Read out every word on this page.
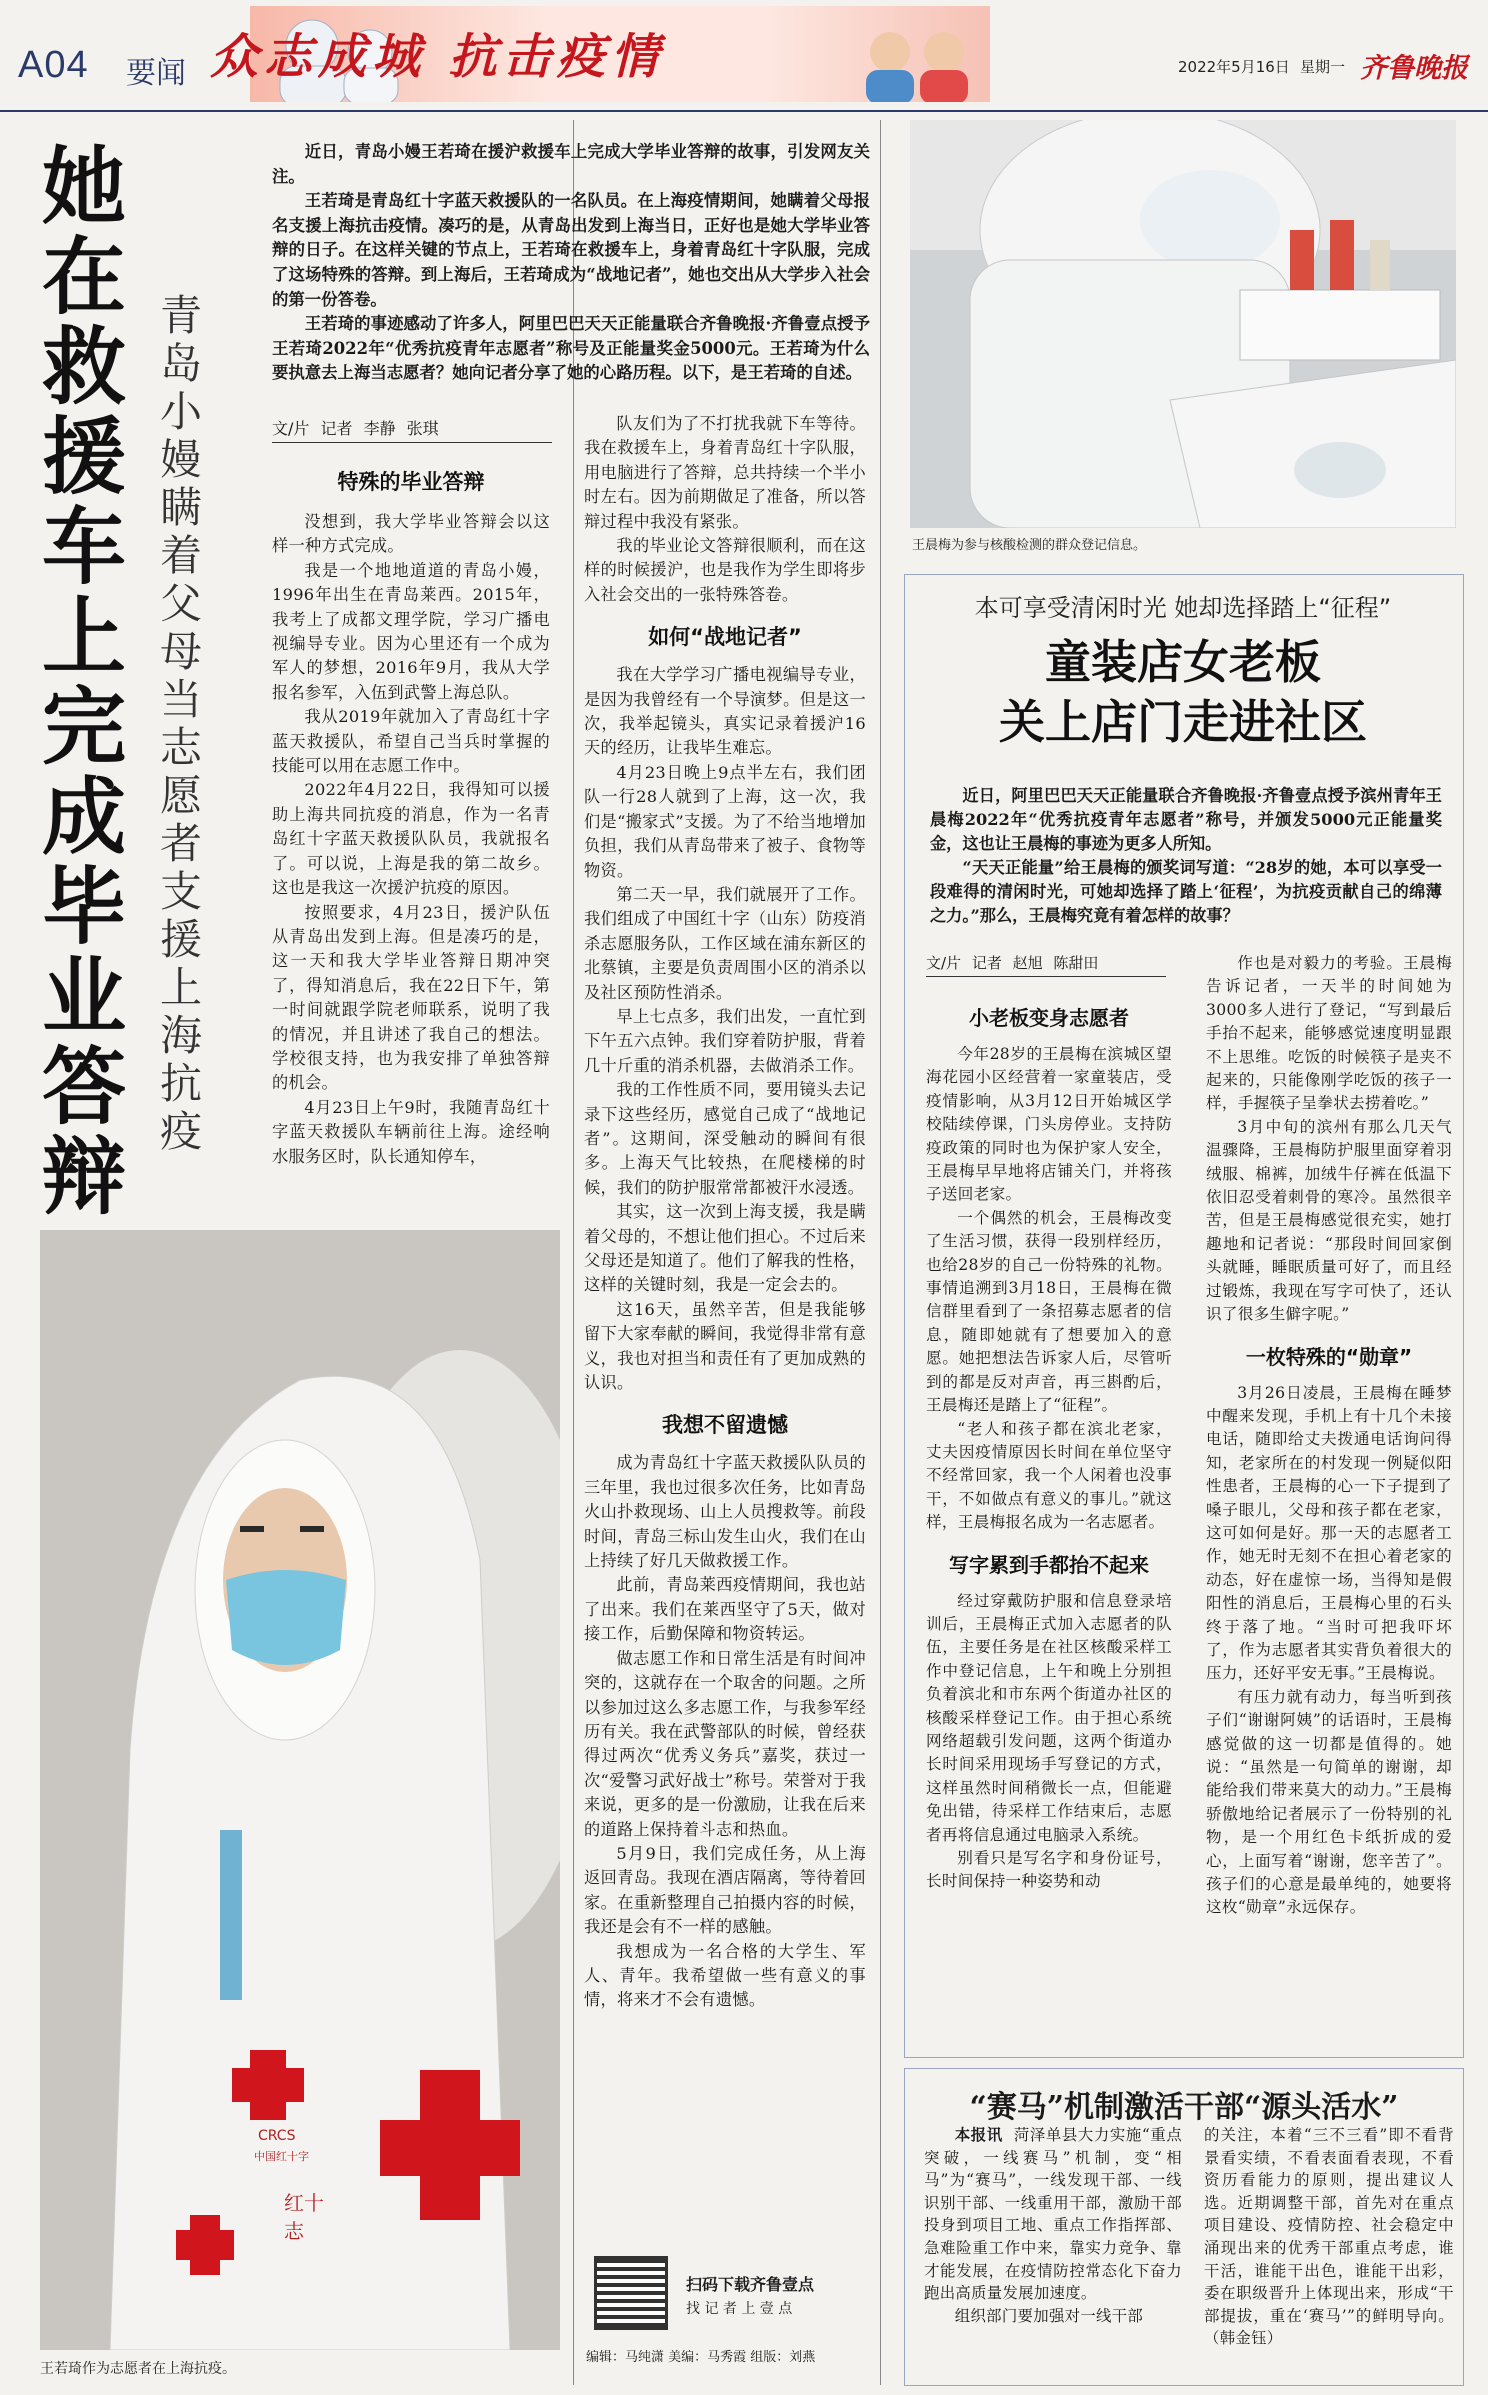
A04 要闻 众志成城 抗击疫情	2022年5月16日 星期一 齐鲁晚报
她在救援车上完成毕业答辩
青岛小嫚瞒着父母当志愿者支援上海抗疫

近日，青岛小嫚王若琦在援沪救援车上完成大学毕业答辩的故事，引发网友关注。

王若琦是青岛红十字蓝天救援队的一名队员。在上海疫情期间，她瞒着父母报名支援上海抗击疫情。凑巧的是，从青岛出发到上海当日，正好也是她大学毕业答辩的日子。在这样关键的节点上，王若琦在救援车上，身着青岛红十字队服，完成了这场特殊的答辩。到上海后，王若琦成为“战地记者”，她也交出从大学步入社会的第一份答卷。

王若琦的事迹感动了许多人，阿里巴巴天天正能量联合齐鲁晚报·齐鲁壹点授予王若琦2022年“优秀抗疫青年志愿者”称号及正能量奖金5000元。王若琦为什么要执意去上海当志愿者？她向记者分享了她的心路历程。以下，是王若琦的自述。

文/片 记者 李静 张琪
特殊的毕业答辩

没想到，我大学毕业答辩会以这样一种方式完成。

我是一个地地道道的青岛小嫚，1996年出生在青岛莱西。2015年，我考上了成都文理学院，学习广播电视编导专业。因为心里还有一个成为军人的梦想，2016年9月，我从大学报名参军，入伍到武警上海总队。

我从2019年就加入了青岛红十字蓝天救援队，希望自己当兵时掌握的技能可以用在志愿工作中。

2022年4月22日，我得知可以援助上海共同抗疫的消息，作为一名青岛红十字蓝天救援队队员，我就报名了。可以说，上海是我的第二故乡。这也是我这一次援沪抗疫的原因。

按照要求，4月23日，援沪队伍从青岛出发到上海。但是凑巧的是，这一天和我大学毕业答辩日期冲突了，得知消息后，我在22日下午，第一时间就跟学院老师联系，说明了我的情况，并且讲述了我自己的想法。学校很支持，也为我安排了单独答辩的机会。

4月23日上午9时，我随青岛红十字蓝天救援队车辆前往上海。途经响水服务区时，队长通知停车，

队友们为了不打扰我就下车等待。我在救援车上，身着青岛红十字队服，用电脑进行了答辩，总共持续一个半小时左右。因为前期做足了准备，所以答辩过程中我没有紧张。

我的毕业论文答辩很顺利，而在这样的时候援沪，也是我作为学生即将步入社会交出的一张特殊答卷。

如何“战地记者”

我在大学学习广播电视编导专业，是因为我曾经有一个导演梦。但是这一次，我举起镜头，真实记录着援沪16天的经历，让我毕生难忘。

4月23日晚上9点半左右，我们团队一行28人就到了上海，这一次，我们是“搬家式”支援。为了不给当地增加负担，我们从青岛带来了被子、食物等物资。

第二天一早，我们就展开了工作。我们组成了中国红十字（山东）防疫消杀志愿服务队，工作区域在浦东新区的北蔡镇，主要是负责周围小区的消杀以及社区预防性消杀。

早上七点多，我们出发，一直忙到下午五六点钟。我们穿着防护服，背着几十斤重的消杀机器，去做消杀工作。

我的工作性质不同，要用镜头去记录下这些经历，感觉自己成了“战地记者”。这期间，深受触动的瞬间有很多。上海天气比较热，在爬楼梯的时候，我们的防护服常常都被汗水浸透。

其实，这一次到上海支援，我是瞒着父母的，不想让他们担心。不过后来父母还是知道了。他们了解我的性格，这样的关键时刻，我是一定会去的。

这16天，虽然辛苦，但是我能够留下大家奉献的瞬间，我觉得非常有意义，我也对担当和责任有了更加成熟的认识。

我想不留遗憾

成为青岛红十字蓝天救援队队员的三年里，我也过很多次任务，比如青岛火山扑救现场、山上人员搜救等。前段时间，青岛三标山发生山火，我们在山上持续了好几天做救援工作。

此前，青岛莱西疫情期间，我也站了出来。我们在莱西坚守了5天，做对接工作，后勤保障和物资转运。

做志愿工作和日常生活是有时间冲突的，这就存在一个取舍的问题。之所以参加过这么多志愿工作，与我参军经历有关。我在武警部队的时候，曾经获得过两次“优秀义务兵”嘉奖，获过一次“爱警习武好战士”称号。荣誉对于我来说，更多的是一份激励，让我在后来的道路上保持着斗志和热血。

5月9日，我们完成任务，从上海返回青岛。我现在酒店隔离，等待着回家。在重新整理自己拍摄内容的时候，我还是会有不一样的感触。

我想成为一名合格的大学生、军人、青年。我希望做一些有意义的事情，将来才不会有遗憾。

扫码下载齐鲁壹点
找 记 者 上 壹 点
编辑：马纯潇 美编：马秀霞 组版：刘燕
CRCS
中国红十字
红十
志
王若琦作为志愿者在上海抗疫。
王晨梅为参与核酸检测的群众登记信息。
本可享受清闲时光 她却选择踏上“征程”
童装店女老板
关上店门走进社区

近日，阿里巴巴天天正能量联合齐鲁晚报·齐鲁壹点授予滨州青年王晨梅2022年“优秀抗疫青年志愿者”称号，并颁发5000元正能量奖金，这也让王晨梅的事迹为更多人所知。

“天天正能量”给王晨梅的颁奖词写道：“28岁的她，本可以享受一段难得的清闲时光，可她却选择了踏上‘征程’，为抗疫贡献自己的绵薄之力。”那么，王晨梅究竟有着怎样的故事？

文/片 记者 赵旭 陈甜田
小老板变身志愿者

今年28岁的王晨梅在滨城区望海花园小区经营着一家童装店，受疫情影响，从3月12日开始城区学校陆续停课，门头房停业。支持防疫政策的同时也为保护家人安全，王晨梅早早地将店铺关门，并将孩子送回老家。

一个偶然的机会，王晨梅改变了生活习惯，获得一段别样经历，也给28岁的自己一份特殊的礼物。事情追溯到3月18日，王晨梅在微信群里看到了一条招募志愿者的信息，随即她就有了想要加入的意愿。她把想法告诉家人后，尽管听到的都是反对声音，再三斟酌后，王晨梅还是踏上了“征程”。

“老人和孩子都在滨北老家，丈夫因疫情原因长时间在单位坚守不经常回家，我一个人闲着也没事干，不如做点有意义的事儿。”就这样，王晨梅报名成为一名志愿者。

写字累到手都抬不起来

经过穿戴防护服和信息登录培训后，王晨梅正式加入志愿者的队伍，主要任务是在社区核酸采样工作中登记信息，上午和晚上分别担负着滨北和市东两个街道办社区的核酸采样登记工作。由于担心系统网络超载引发问题，这两个街道办长时间采用现场手写登记的方式，这样虽然时间稍微长一点，但能避免出错，待采样工作结束后，志愿者再将信息通过电脑录入系统。

别看只是写名字和身份证号，长时间保持一种姿势和动

作也是对毅力的考验。王晨梅告诉记者，一天半的时间她为3000多人进行了登记，“写到最后手抬不起来，能够感觉速度明显跟不上思维。吃饭的时候筷子是夹不起来的，只能像刚学吃饭的孩子一样，手握筷子呈拳状去捞着吃。”

3月中旬的滨州有那么几天气温骤降，王晨梅防护服里面穿着羽绒服、棉裤，加绒牛仔裤在低温下依旧忍受着刺骨的寒冷。虽然很辛苦，但是王晨梅感觉很充实，她打趣地和记者说：“那段时间回家倒头就睡，睡眠质量可好了，而且经过锻炼，我现在写字可快了，还认识了很多生僻字呢。”

一枚特殊的“勋章”

3月26日凌晨，王晨梅在睡梦中醒来发现，手机上有十几个未接电话，随即给丈夫拨通电话询问得知，老家所在的村发现一例疑似阳性患者，王晨梅的心一下子提到了嗓子眼儿，父母和孩子都在老家，这可如何是好。那一天的志愿者工作，她无时无刻不在担心着老家的动态，好在虚惊一场，当得知是假阳性的消息后，王晨梅心里的石头终于落了地。“当时可把我吓坏了，作为志愿者其实背负着很大的压力，还好平安无事。”王晨梅说。

有压力就有动力，每当听到孩子们“谢谢阿姨”的话语时，王晨梅感觉做的这一切都是值得的。她说：“虽然是一句简单的谢谢，却能给我们带来莫大的动力。”王晨梅骄傲地给记者展示了一份特别的礼物，是一个用红色卡纸折成的爱心，上面写着“谢谢，您辛苦了”。孩子们的心意是最单纯的，她要将这枚“勋章”永远保存。

“赛马”机制激活干部“源头活水”

本报讯 菏泽单县大力实施“重点突破，一线赛马”机制，变“相马”为“赛马”，一线发现干部、一线识别干部、一线重用干部，激励干部投身到项目工地、重点工作指挥部、急难险重工作中来，靠实力竞争、靠才能发展，在疫情防控常态化下奋力跑出高质量发展加速度。

组织部门要加强对一线干部

的关注，本着“三不三看”即不看背景看实绩，不看表面看表现，不看资历看能力的原则，提出建议人选。近期调整干部，首先对在重点项目建设、疫情防控、社会稳定中涌现出来的优秀干部重点考虑，谁干活，谁能干出色，谁能干出彩，委在职级晋升上体现出来，形成“干部提拔，重在‘赛马’”的鲜明导向。（韩金钰）
